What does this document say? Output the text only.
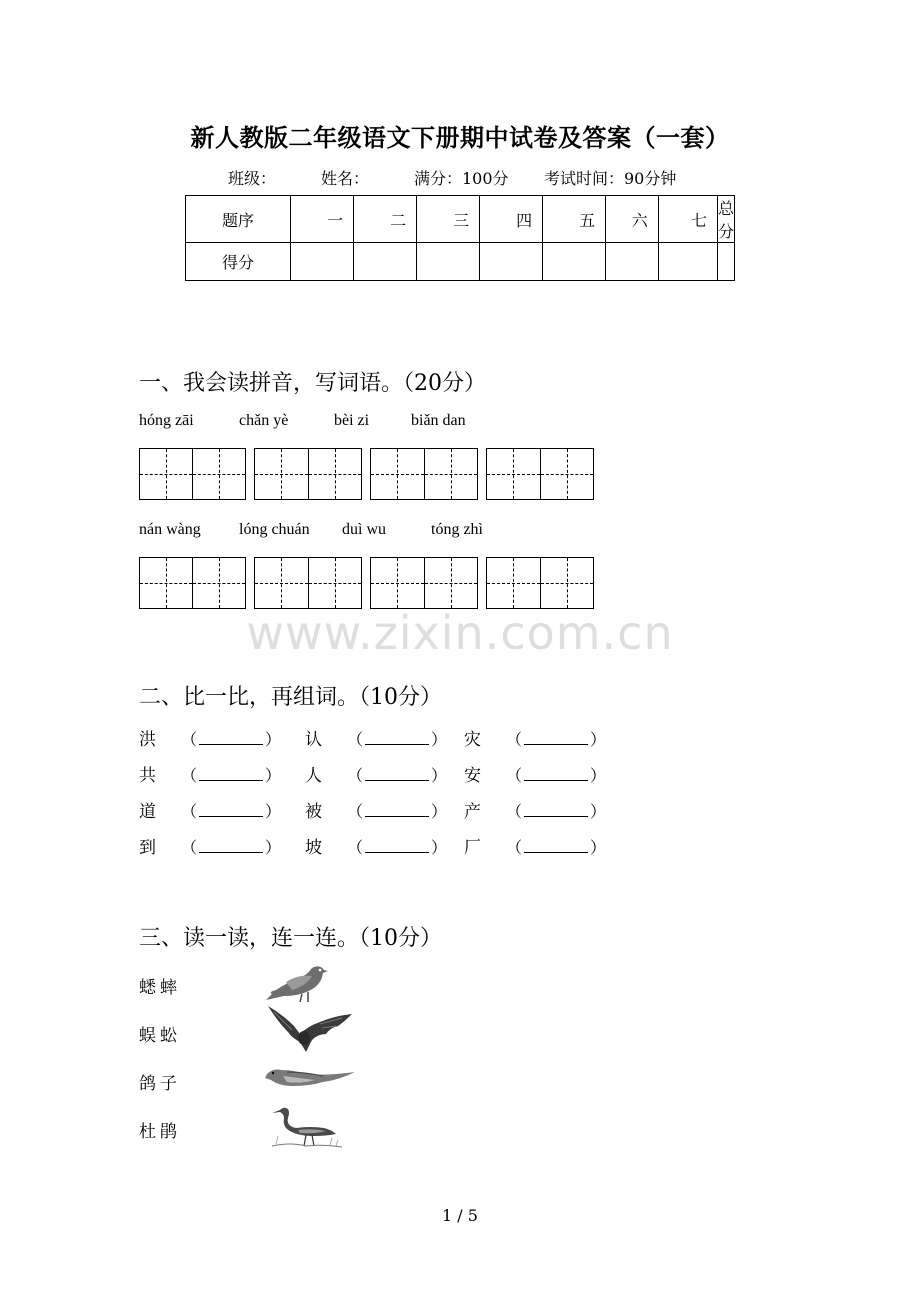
新人教版二年级语文下册期中试卷及答案（一套）
班级：	姓名：	满分：100分 考试时间：90分钟
题序	一	二	三	四	五	六	七	总分
得分								
一、我会读拼音，写词语。（20分）
hóng zāi	chǎn yè	bèi zi	biǎn dan
nán wàng lóng chuán duì wu	tóng zhì
www.zixin.com.cn
二、比一比，再组词。（10分）
洪 （	） 认 （	） 灾 （	）
共 （	） 人 （	） 安 （	）
道 （	） 被 （	） 产 （	）
到 （	） 坡 （	） 厂 （	）
三、读一读，连一连。（10分）
蟋蟀
蜈蚣
鸽子
杜鹃
1 / 5
